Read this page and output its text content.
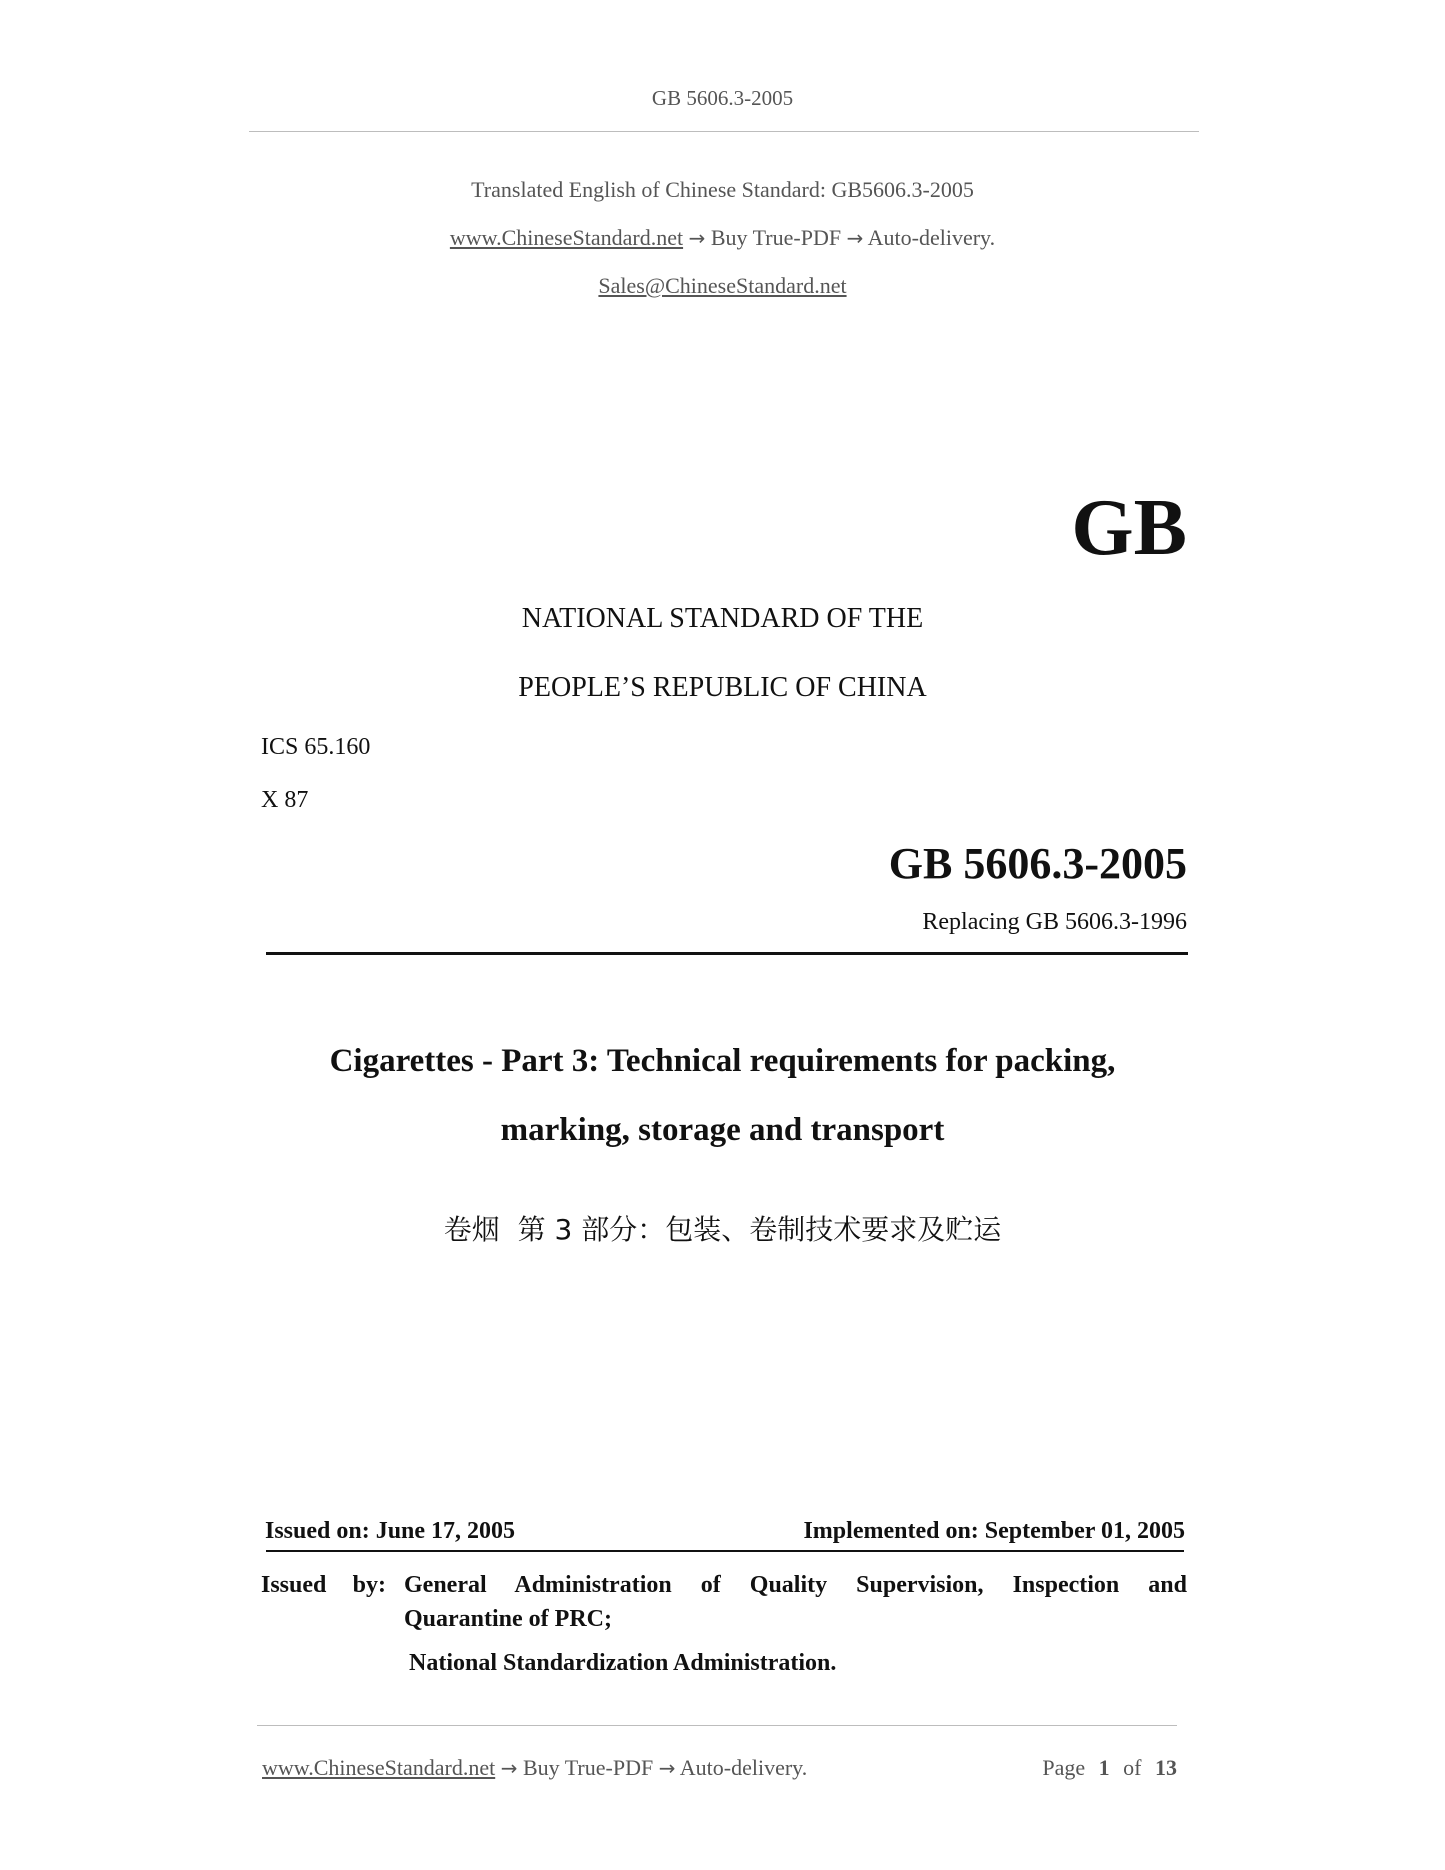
GB 5606.3-2005
Translated English of Chinese Standard: GB5606.3-2005
www.ChineseStandard.net → Buy True-PDF → Auto-delivery.
Sales@ChineseStandard.net
GB
NATIONAL STANDARD OF THE
PEOPLE’S REPUBLIC OF CHINA
ICS 65.160
X 87
GB 5606.3-2005
Replacing GB 5606.3-1996
Cigarettes - Part 3: Technical requirements for packing,
marking, storage and transport
卷烟  第 3 部分：包装、卷制技术要求及贮运
Issued on: June 17, 2005	Implemented on: September 01, 2005
Issued by: General Administration of Quality Supervision, Inspection and
Quarantine of PRC;
National Standardization Administration.
www.ChineseStandard.net → Buy True-PDF → Auto-delivery.	Page 1 of 13
